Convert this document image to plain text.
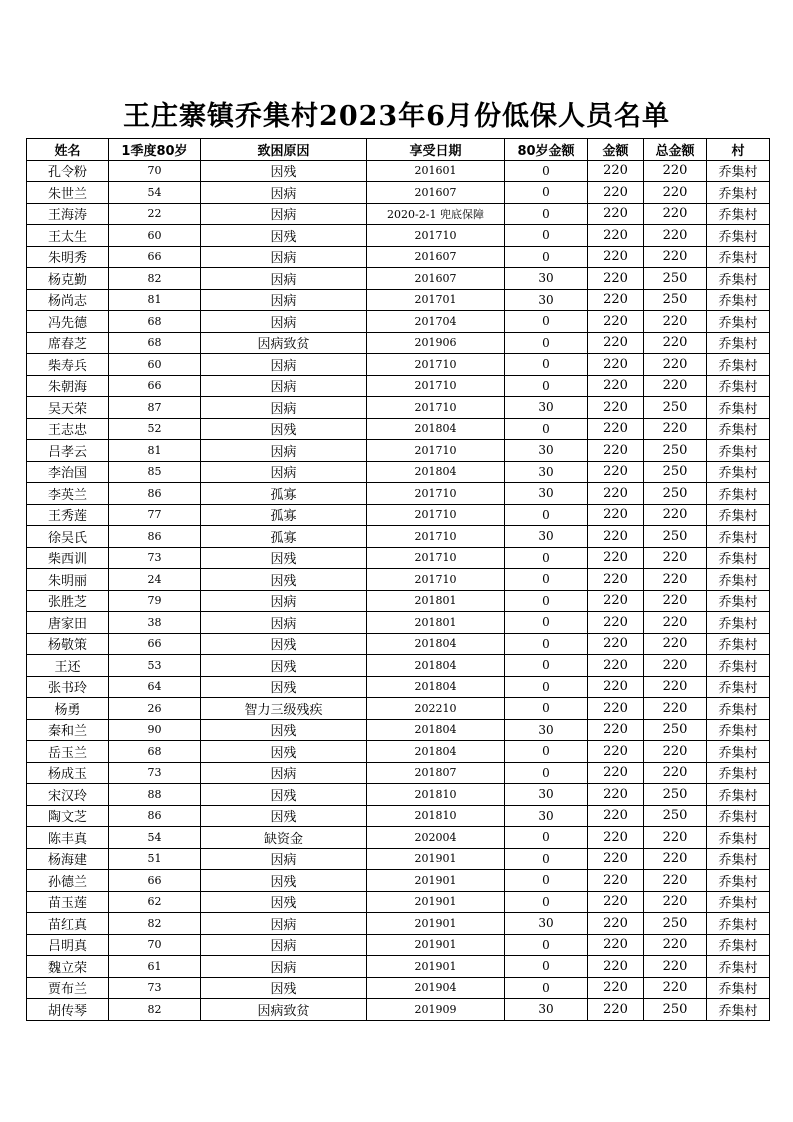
王庄寨镇乔集村2023年6月份低保人员名单
姓名	1季度80岁	致困原因	享受日期	80岁金额	金额	总金额	村
孔令粉	70	因残	201601	0	220	220	乔集村
朱世兰	54	因病	201607	0	220	220	乔集村
王海涛	22	因病	2020-2-1 兜底保障	0	220	220	乔集村
王太生	60	因残	201710	0	220	220	乔集村
朱明秀	66	因病	201607	0	220	220	乔集村
杨克勤	82	因病	201607	30	220	250	乔集村
杨尚志	81	因病	201701	30	220	250	乔集村
冯先德	68	因病	201704	0	220	220	乔集村
席春芝	68	因病致贫	201906	0	220	220	乔集村
柴寿兵	60	因病	201710	0	220	220	乔集村
朱朝海	66	因病	201710	0	220	220	乔集村
吴天荣	87	因病	201710	30	220	250	乔集村
王志忠	52	因残	201804	0	220	220	乔集村
吕孝云	81	因病	201710	30	220	250	乔集村
李治国	85	因病	201804	30	220	250	乔集村
李英兰	86	孤寡	201710	30	220	250	乔集村
王秀莲	77	孤寡	201710	0	220	220	乔集村
徐吴氏	86	孤寡	201710	30	220	250	乔集村
柴西训	73	因残	201710	0	220	220	乔集村
朱明丽	24	因残	201710	0	220	220	乔集村
张胜芝	79	因病	201801	0	220	220	乔集村
唐家田	38	因病	201801	0	220	220	乔集村
杨敬策	66	因残	201804	0	220	220	乔集村
王还	53	因残	201804	0	220	220	乔集村
张书玲	64	因残	201804	0	220	220	乔集村
杨勇	26	智力三级残疾	202210	0	220	220	乔集村
秦和兰	90	因残	201804	30	220	250	乔集村
岳玉兰	68	因残	201804	0	220	220	乔集村
杨成玉	73	因病	201807	0	220	220	乔集村
宋汉玲	88	因残	201810	30	220	250	乔集村
陶文芝	86	因残	201810	30	220	250	乔集村
陈丰真	54	缺资金	202004	0	220	220	乔集村
杨海建	51	因病	201901	0	220	220	乔集村
孙德兰	66	因残	201901	0	220	220	乔集村
苗玉莲	62	因残	201901	0	220	220	乔集村
苗红真	82	因病	201901	30	220	250	乔集村
吕明真	70	因病	201901	0	220	220	乔集村
魏立荣	61	因病	201901	0	220	220	乔集村
贾布兰	73	因残	201904	0	220	220	乔集村
胡传琴	82	因病致贫	201909	30	220	250	乔集村
